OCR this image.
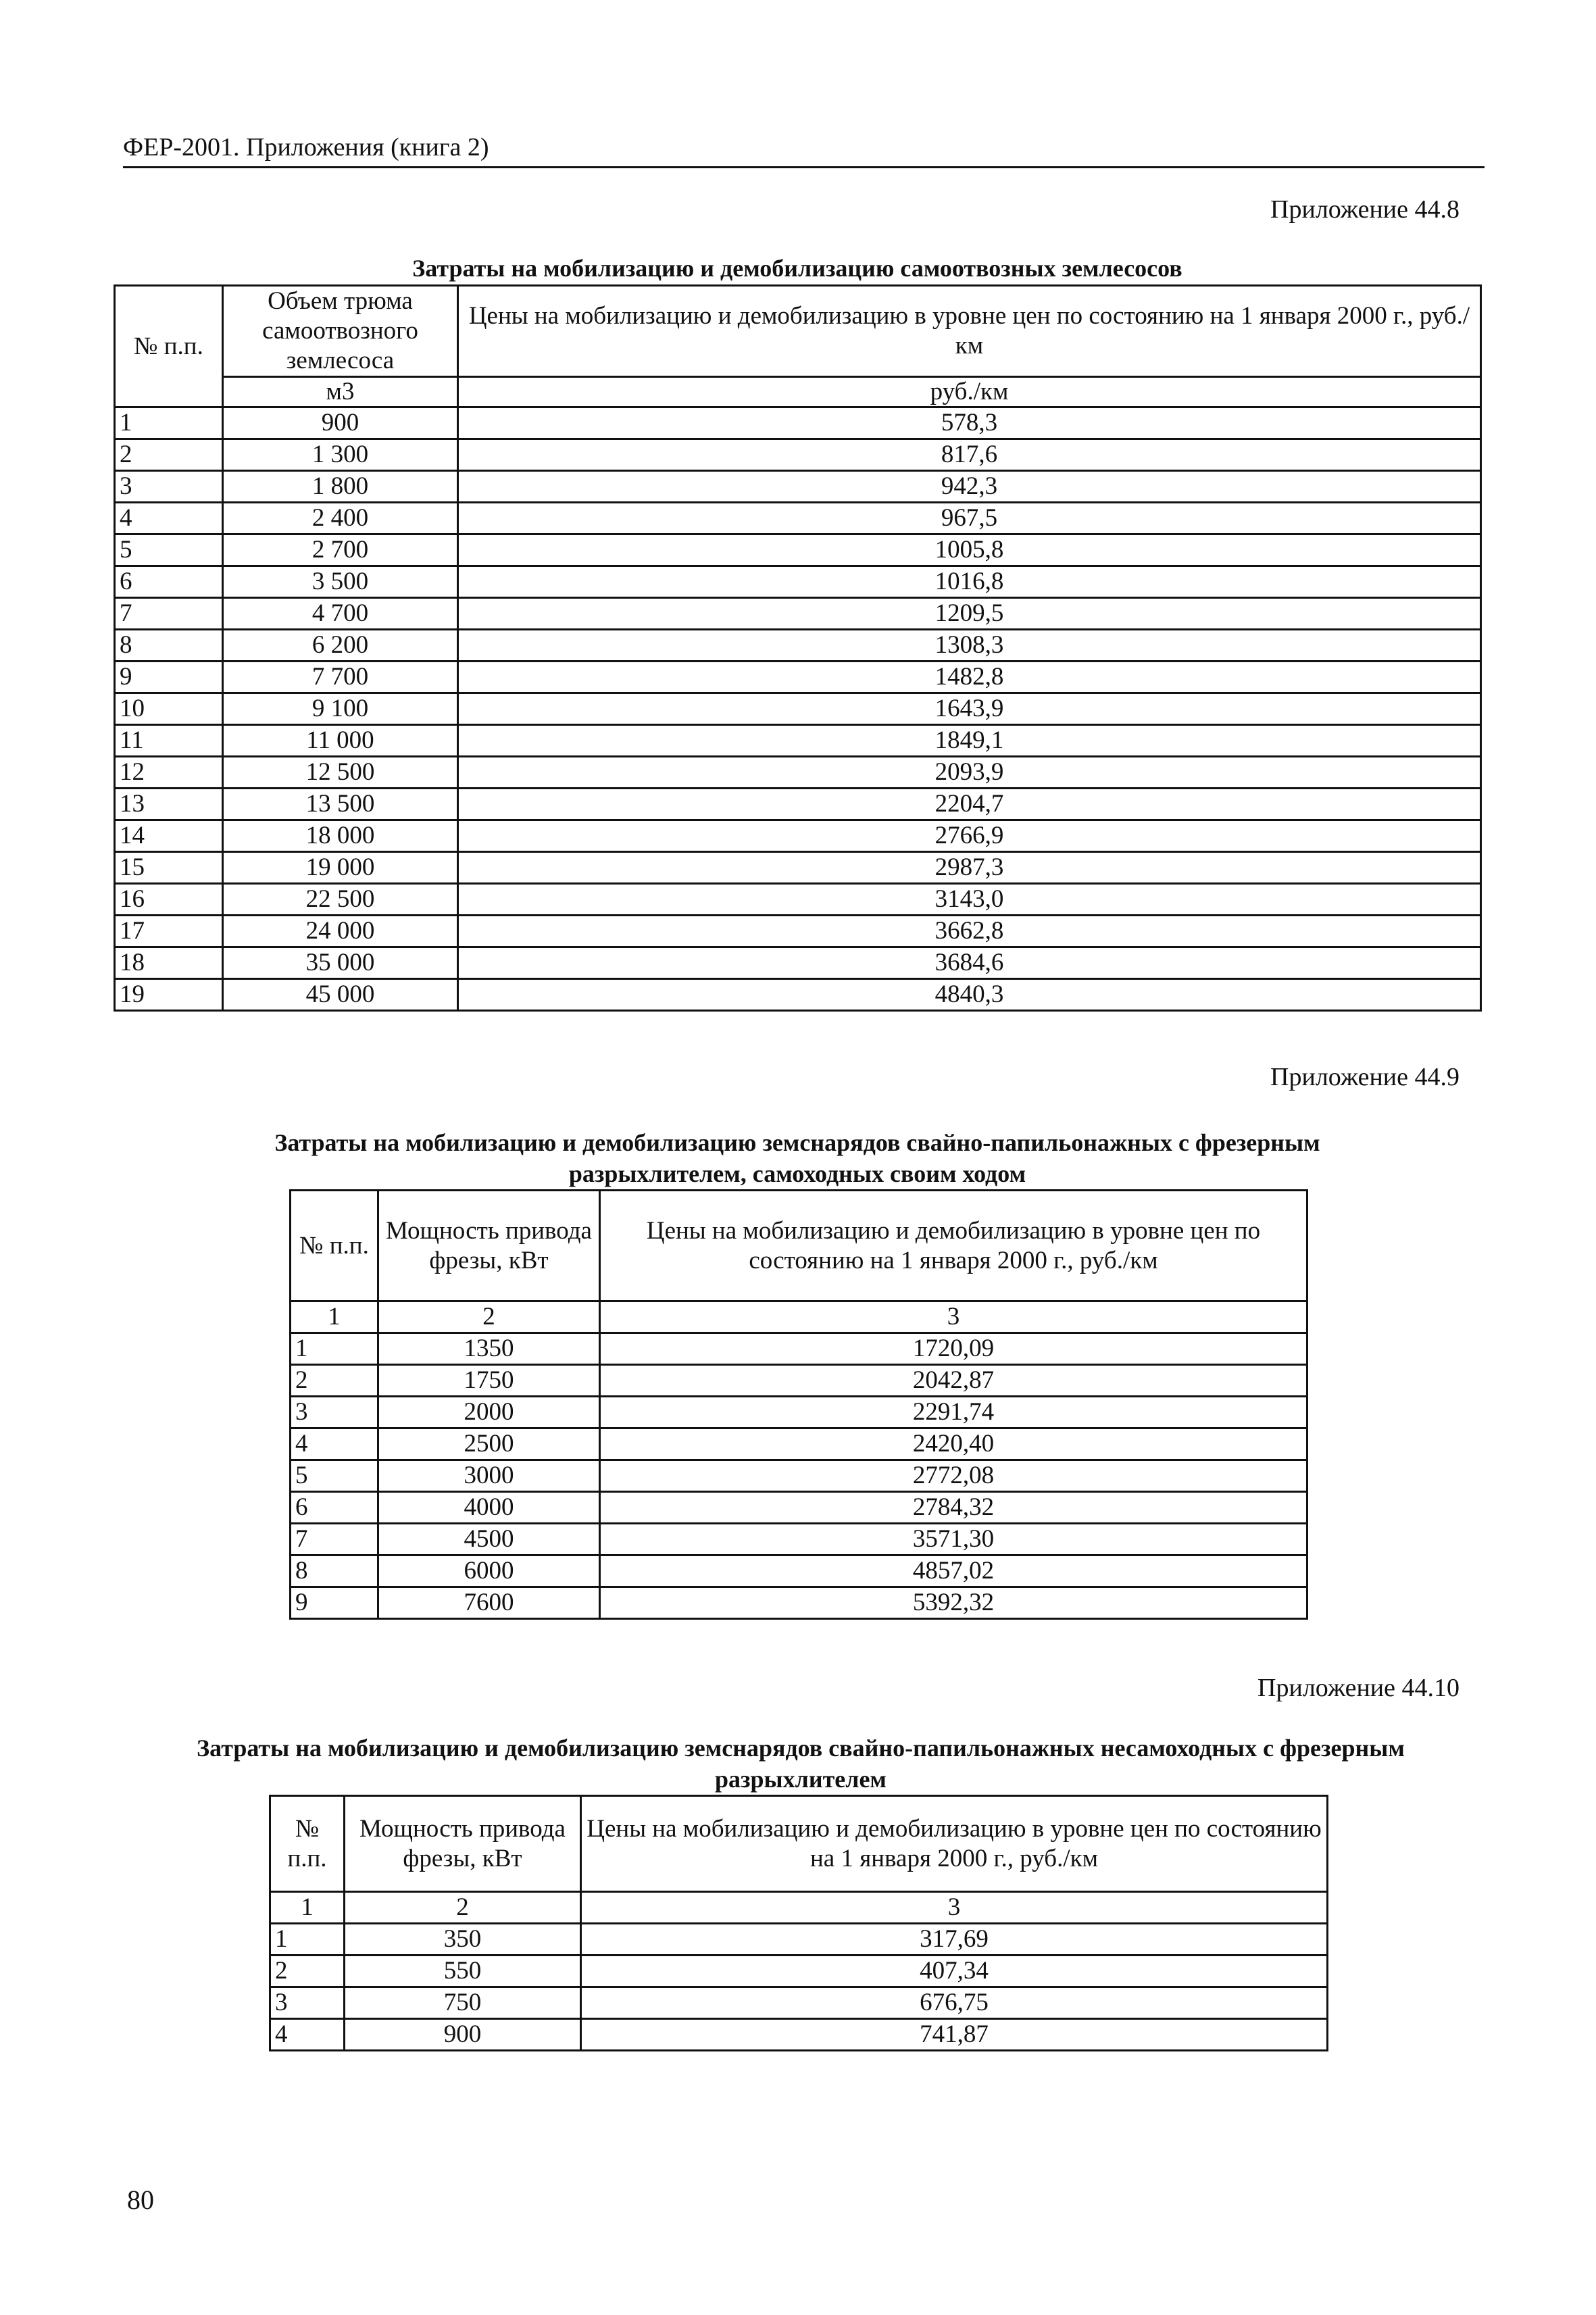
ФЕР-2001. Приложения (книга 2)
Приложение 44.8
Затраты на мобилизацию и демобилизацию самоотвозных землесосов
№ п.п.	Объем трюма самоотвозного землесоса	Цены на мобилизацию и демобилизацию в уровне цен по состоянию на 1 января 2000 г., руб./км
	м3	руб./км
1	900	578,3
2	1 300	817,6
3	1 800	942,3
4	2 400	967,5
5	2 700	1005,8
6	3 500	1016,8
7	4 700	1209,5
8	6 200	1308,3
9	7 700	1482,8
10	9 100	1643,9
11	11 000	1849,1
12	12 500	2093,9
13	13 500	2204,7
14	18 000	2766,9
15	19 000	2987,3
16	22 500	3143,0
17	24 000	3662,8
18	35 000	3684,6
19	45 000	4840,3
Приложение 44.9
Затраты на мобилизацию и демобилизацию земснарядов свайно-папильонажных с фрезерным разрыхлителем, самоходных своим ходом
№ п.п.	Мощность привода фрезы, кВт	Цены на мобилизацию и демобилизацию в уровне цен по состоянию на 1 января 2000 г., руб./км
1	2	3
1	1350	1720,09
2	1750	2042,87
3	2000	2291,74
4	2500	2420,40
5	3000	2772,08
6	4000	2784,32
7	4500	3571,30
8	6000	4857,02
9	7600	5392,32
Приложение 44.10
Затраты на мобилизацию и демобилизацию земснарядов свайно-папильонажных несамоходных с фрезерным разрыхлителем
№ п.п.	Мощность привода фрезы, кВт	Цены на мобилизацию и демобилизацию в уровне цен по состоянию на 1 января 2000 г., руб./км
1	2	3
1	350	317,69
2	550	407,34
3	750	676,75
4	900	741,87
80
